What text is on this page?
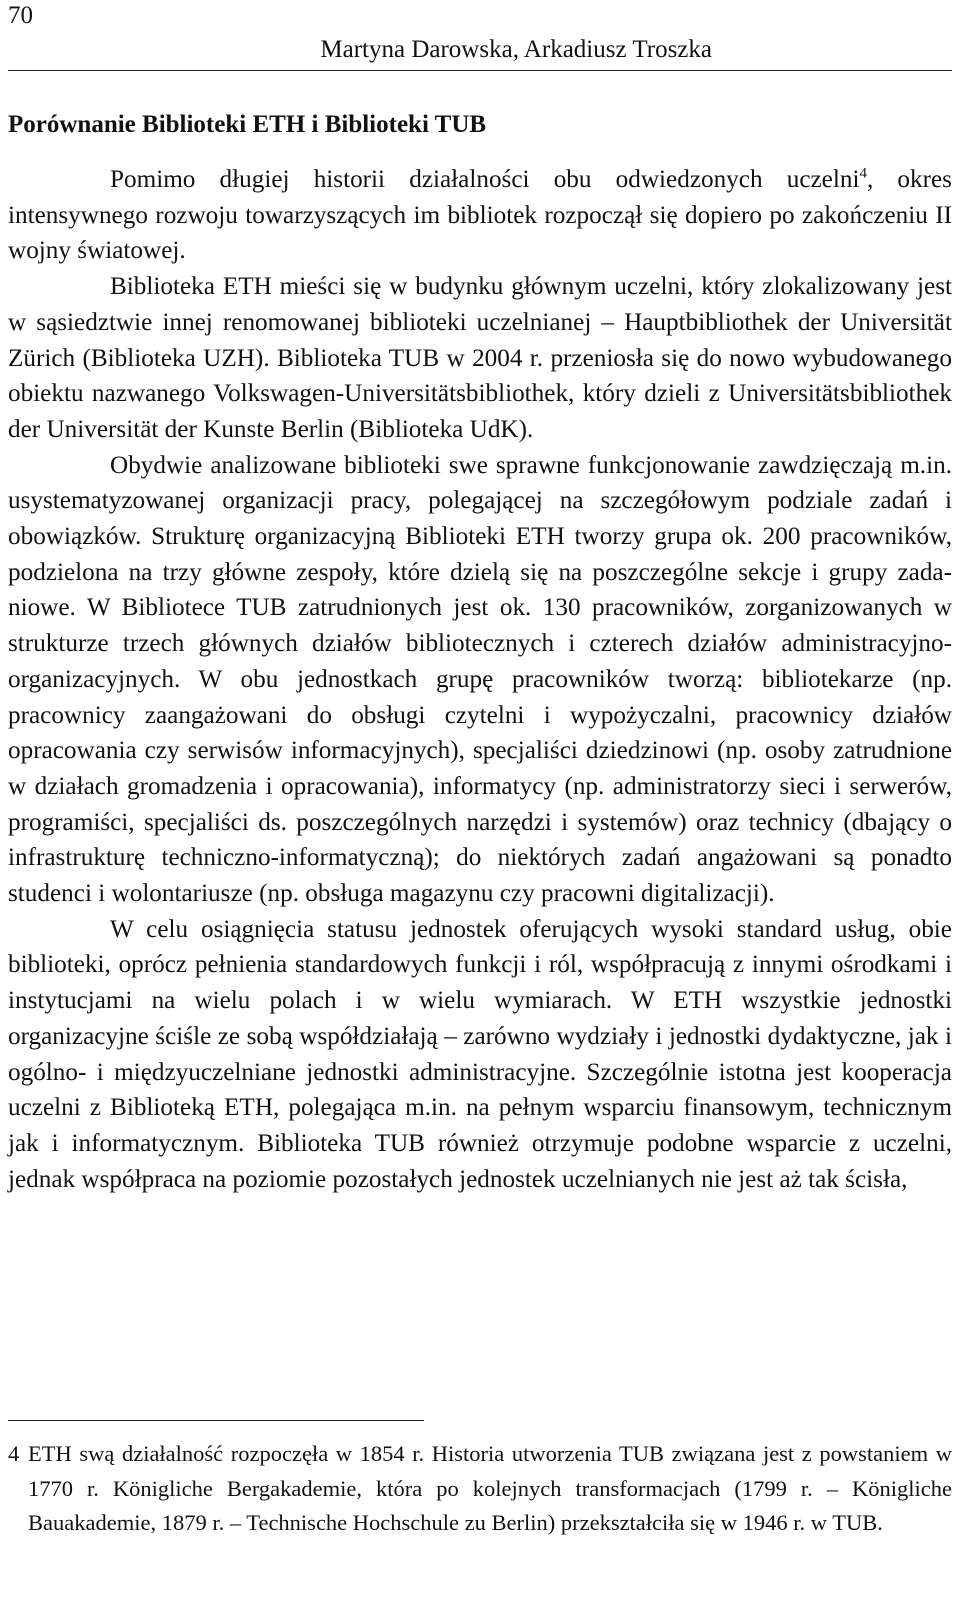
70
Martyna Darowska, Arkadiusz Troszka
Porównanie Biblioteki ETH i Biblioteki TUB

Pomimo długiej historii działalności obu odwiedzonych uczelni$^4$, okres intensywnego rozwoju towarzyszących im bibliotek rozpoczął się dopiero po zakończeniu II wojny światowej.

Biblioteka ETH mieści się w budynku głównym uczelni, który zlokalizowany jest w sąsiedztwie innej renomowanej biblioteki uczelnianej – Hauptbibliothek der Universität Zürich (Biblioteka UZH). Biblioteka TUB w 2004 r. przeniosła się do nowo wybudowanego obiektu nazwanego Volkswagen-Universitätsbibliothek, który dzieli z Universitätsbibliothek der Universität der Kunste Berlin (Biblioteka UdK).

Obydwie analizowane biblioteki swe sprawne funkcjonowanie zawdzięczają m.in. usystematyzowanej organizacji pracy, polegającej na szczegółowym podziale zadań i obowiązków. Strukturę organizacyjną Biblioteki ETH tworzy grupa ok. 200 pracowników, podzielona na trzy główne zespoły, które dzielą się na poszczególne sekcje i grupy zadaniowe. W Bibliotece TUB zatrudnionych jest ok. 130 pracowników, zorganizowanych w strukturze trzech głównych działów bibliotecznych i czterech działów administracyjno-organizacyjnych. W obu jednostkach grupę pracowników tworzą: bibliotekarze (np. pracownicy zaangażowani do obsługi czytelni i wypożyczalni, pracownicy działów opracowania czy serwisów informacyjnych), specjaliści dziedzinowi (np. osoby zatrudnione w działach gromadzenia i opracowania), informatycy (np. administratorzy sieci i serwerów, programiści, specjaliści ds. poszczególnych narzędzi i systemów) oraz technicy (dbający o infrastrukturę techniczno-informatyczną); do niektórych zadań angażowani są ponadto studenci i wolontariusze (np. obsługa magazynu czy pracowni digitalizacji).

W celu osiągnięcia statusu jednostek oferujących wysoki standard usług, obie biblioteki, oprócz pełnienia standardowych funkcji i ról, współpracują z innymi ośrodkami i instytucjami na wielu polach i w wielu wymiarach. W ETH wszystkie jednostki organizacyjne ściśle ze sobą współdziałają – zarówno wydziały i jednostki dydaktyczne, jak i ogólno- i międzyuczelniane jednostki administracyjne. Szczególnie istotna jest kooperacja uczelni z Biblioteką ETH, polegająca m.in. na pełnym wsparciu finansowym, technicznym jak i informatycznym. Biblioteka TUB również otrzymuje podobne wsparcie z uczelni, jednak współpraca na poziomie pozostałych jednostek uczelnianych nie jest aż tak ścisła,

4 ETH swą działalność rozpoczęła w 1854 r. Historia utworzenia TUB związana jest z powstaniem w 1770 r. Königliche Bergakademie, która po kolejnych transformacjach (1799 r. – Königliche Bauakademie, 1879 r. – Technische Hochschule zu Berlin) przekształciła się w 1946 r. w TUB.
